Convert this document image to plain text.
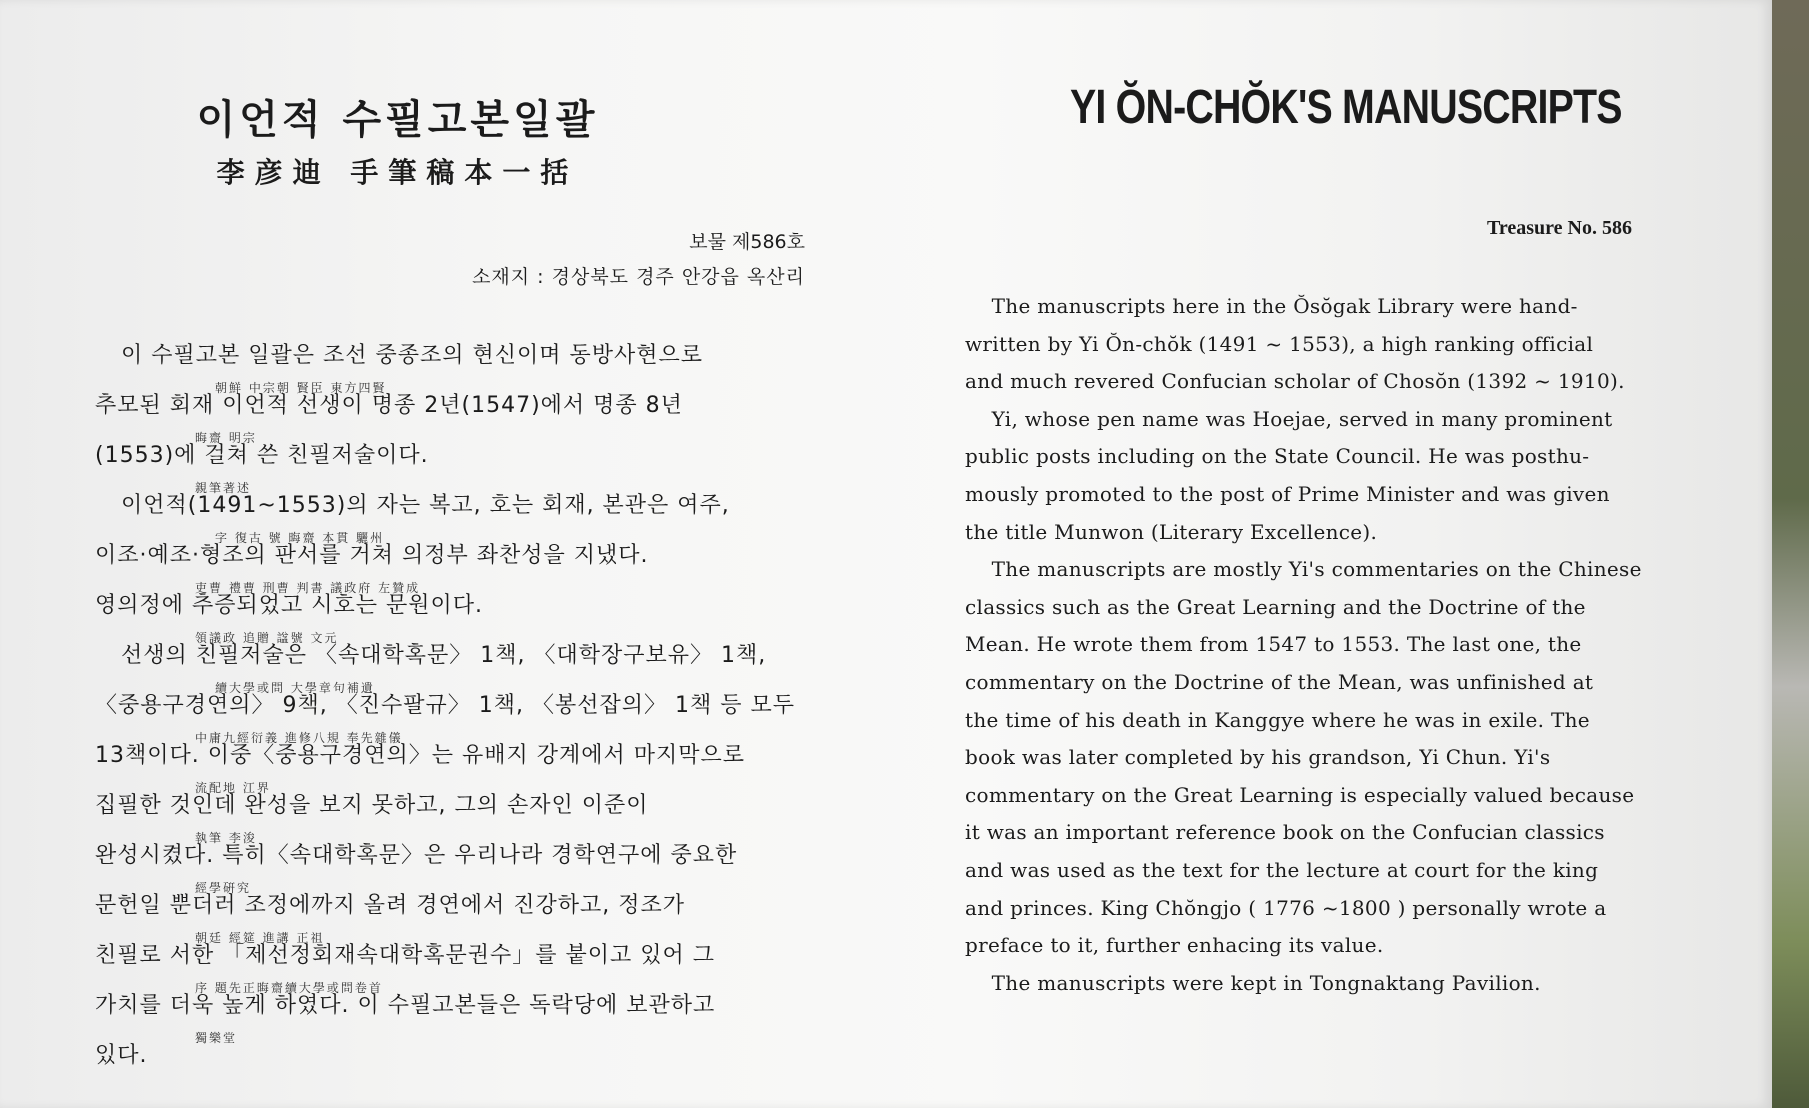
이언적 수필고본일괄
李彦迪 手筆稿本一括
보물 제586호
소재지 : 경상북도 경주 안강읍 옥산리
이 수필고본 일괄은 조선 중종조의 현신이며 동방사현으로
朝鮮 中宗朝 賢臣 東方四賢
추모된 회재 이언적 선생이 명종 2년(1547)에서 명종 8년
晦齋 明宗
(1553)에 걸쳐 쓴 친필저술이다.
親筆著述
이언적(1491~1553)의 자는 복고, 호는 회재, 본관은 여주,
字 復古 號 晦齋 本貫 驪州
이조·예조·형조의 판서를 거쳐 의정부 좌찬성을 지냈다.
吏曹 禮曹 刑曹 判書 議政府 左贊成
영의정에 추증되었고 시호는 문원이다.
領議政 追贈 諡號 文元
선생의 친필저술은 〈속대학혹문〉 1책, 〈대학장구보유〉 1책,
續大學或問 大學章句補遺
〈중용구경연의〉 9책, 〈진수팔규〉 1책, 〈봉선잡의〉 1책 등 모두
中庸九經衍義 進修八規 奉先雜儀
13책이다. 이중〈중용구경연의〉는 유배지 강계에서 마지막으로
流配地 江界
집필한 것인데 완성을 보지 못하고, 그의 손자인 이준이
執筆 李浚
완성시켰다. 특히〈속대학혹문〉은 우리나라 경학연구에 중요한
經學硏究
문헌일 뿐더러 조정에까지 올려 경연에서 진강하고, 정조가
朝廷 經筵 進講 正祖
친필로 서한 「제선정회재속대학혹문권수」를 붙이고 있어 그
序 題先正晦齋續大學或問卷首
가치를 더욱 높게 하였다. 이 수필고본들은 독락당에 보관하고
獨樂堂
있다.
YI ŎN-CHŎK'S MANUSCRIPTS
Treasure No. 586
The manuscripts here in the Ŏsŏgak Library were hand-
written by Yi Ŏn-chŏk (1491 ~ 1553), a high ranking official
and much revered Confucian scholar of Chosŏn (1392 ~ 1910).
Yi, whose pen name was Hoejae, served in many prominent
public posts including on the State Council. He was posthu-
mously promoted to the post of Prime Minister and was given
the title Munwon (Literary Excellence).
The manuscripts are mostly Yi's commentaries on the Chinese
classics such as the Great Learning and the Doctrine of the
Mean. He wrote them from 1547 to 1553. The last one, the
commentary on the Doctrine of the Mean, was unfinished at
the time of his death in Kanggye where he was in exile. The
book was later completed by his grandson, Yi Chun. Yi's
commentary on the Great Learning is especially valued because
it was an important reference book on the Confucian classics
and was used as the text for the lecture at court for the king
and princes. King Chŏngjo ( 1776 ~1800 ) personally wrote a
preface to it, further enhacing its value.
The manuscripts were kept in Tongnaktang Pavilion.
